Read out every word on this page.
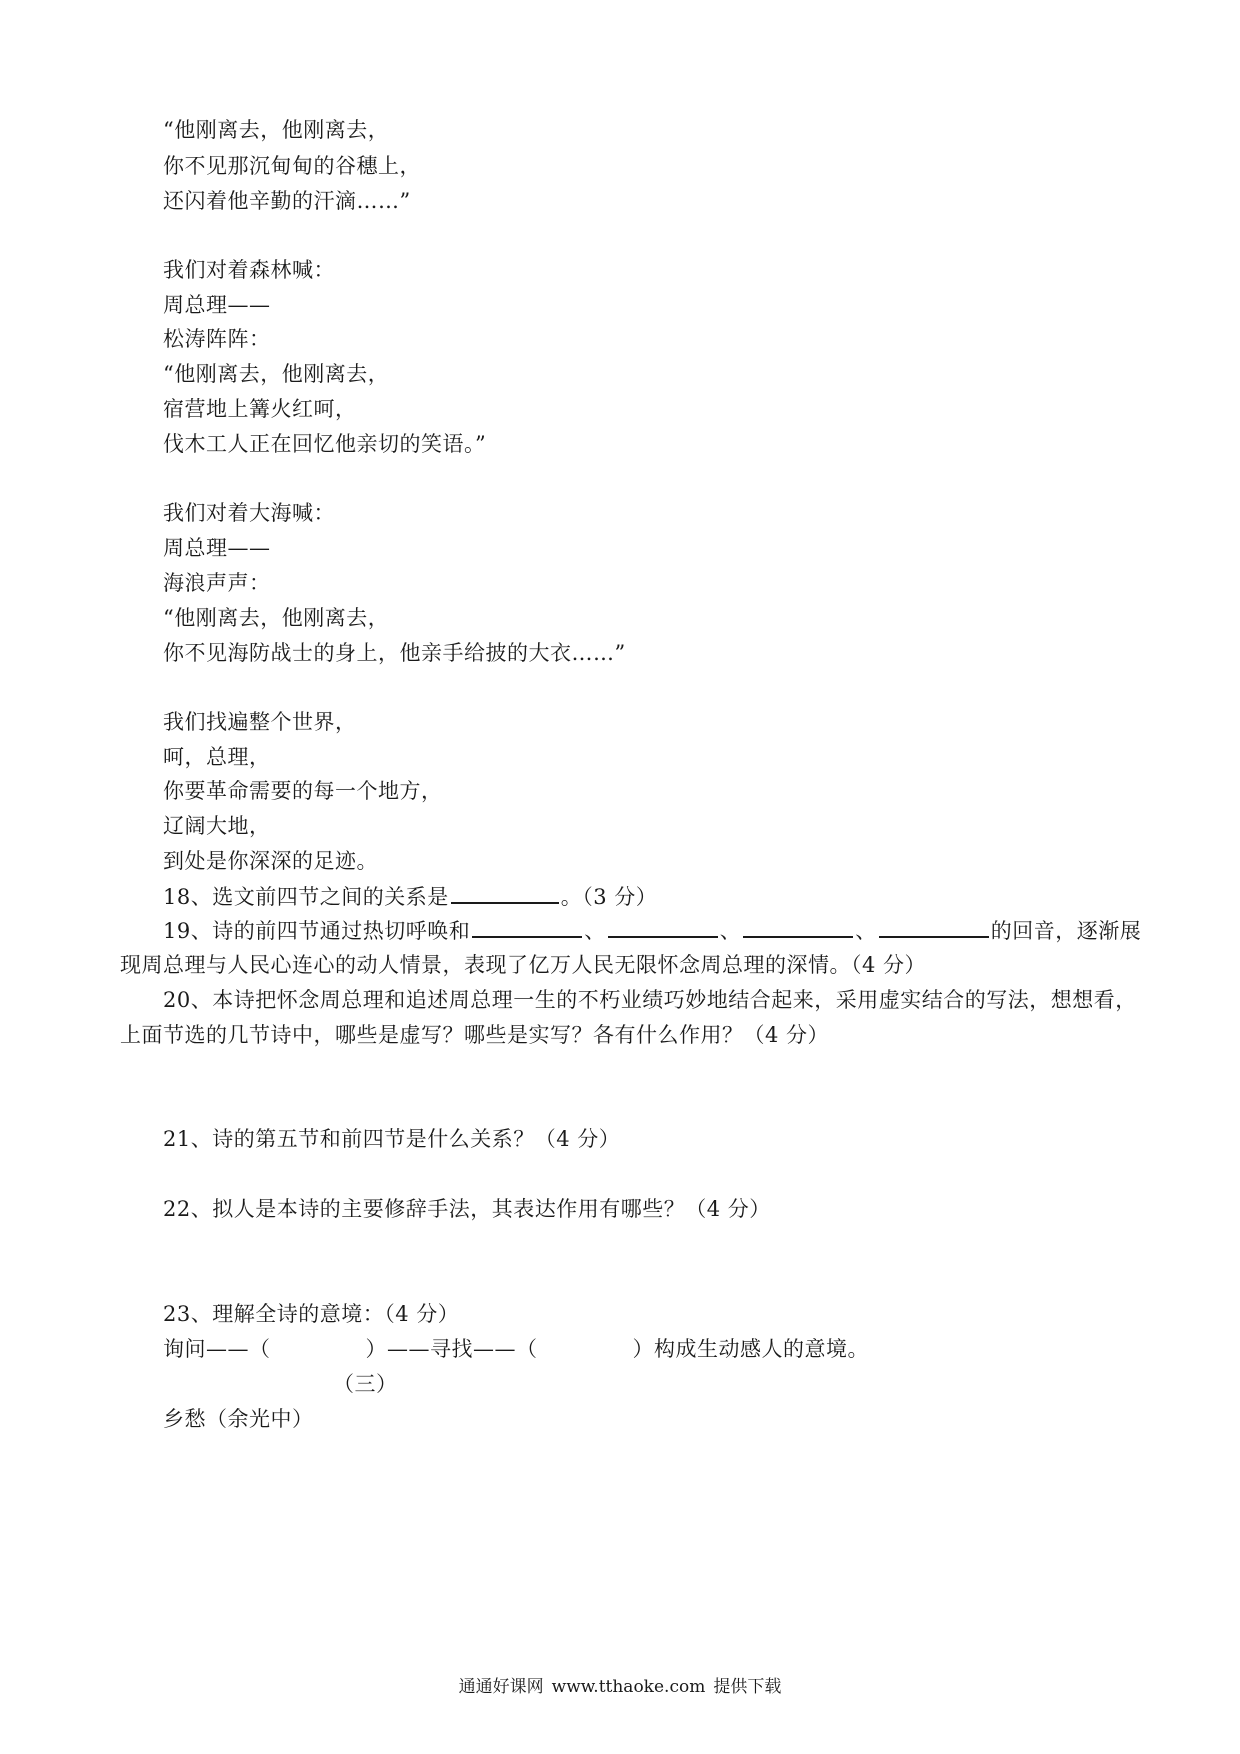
“他刚离去，他刚离去，
你不见那沉甸甸的谷穗上，
还闪着他辛勤的汗滴……”
我们对着森林喊：
周总理——
松涛阵阵：
“他刚离去，他刚离去，
宿营地上篝火红呵，
伐木工人正在回忆他亲切的笑语。”
我们对着大海喊：
周总理——
海浪声声：
“他刚离去，他刚离去，
你不见海防战士的身上，他亲手给披的大衣……”
我们找遍整个世界，
呵，总理，
你要革命需要的每一个地方，
辽阔大地，
到处是你深深的足迹。
18、选文前四节之间的关系是	。（3 分）
19、诗的前四节通过热切呼唤和	、	、	、	的回音，逐渐展
现周总理与人民心连心的动人情景，表现了亿万人民无限怀念周总理的深情。（4 分）
20、本诗把怀念周总理和追述周总理一生的不朽业绩巧妙地结合起来，采用虚实结合的写法，想想看，
上面节选的几节诗中，哪些是虚写？哪些是实写？各有什么作用？（4 分）
21、诗的第五节和前四节是什么关系？（4 分）
22、拟人是本诗的主要修辞手法，其表达作用有哪些？（4 分）
23、理解全诗的意境：（4 分）
询问——（	）——寻找——（	）构成生动感人的意境。
（三）
乡愁（余光中）
通通好课网 www.tthaoke.com 提供下载
